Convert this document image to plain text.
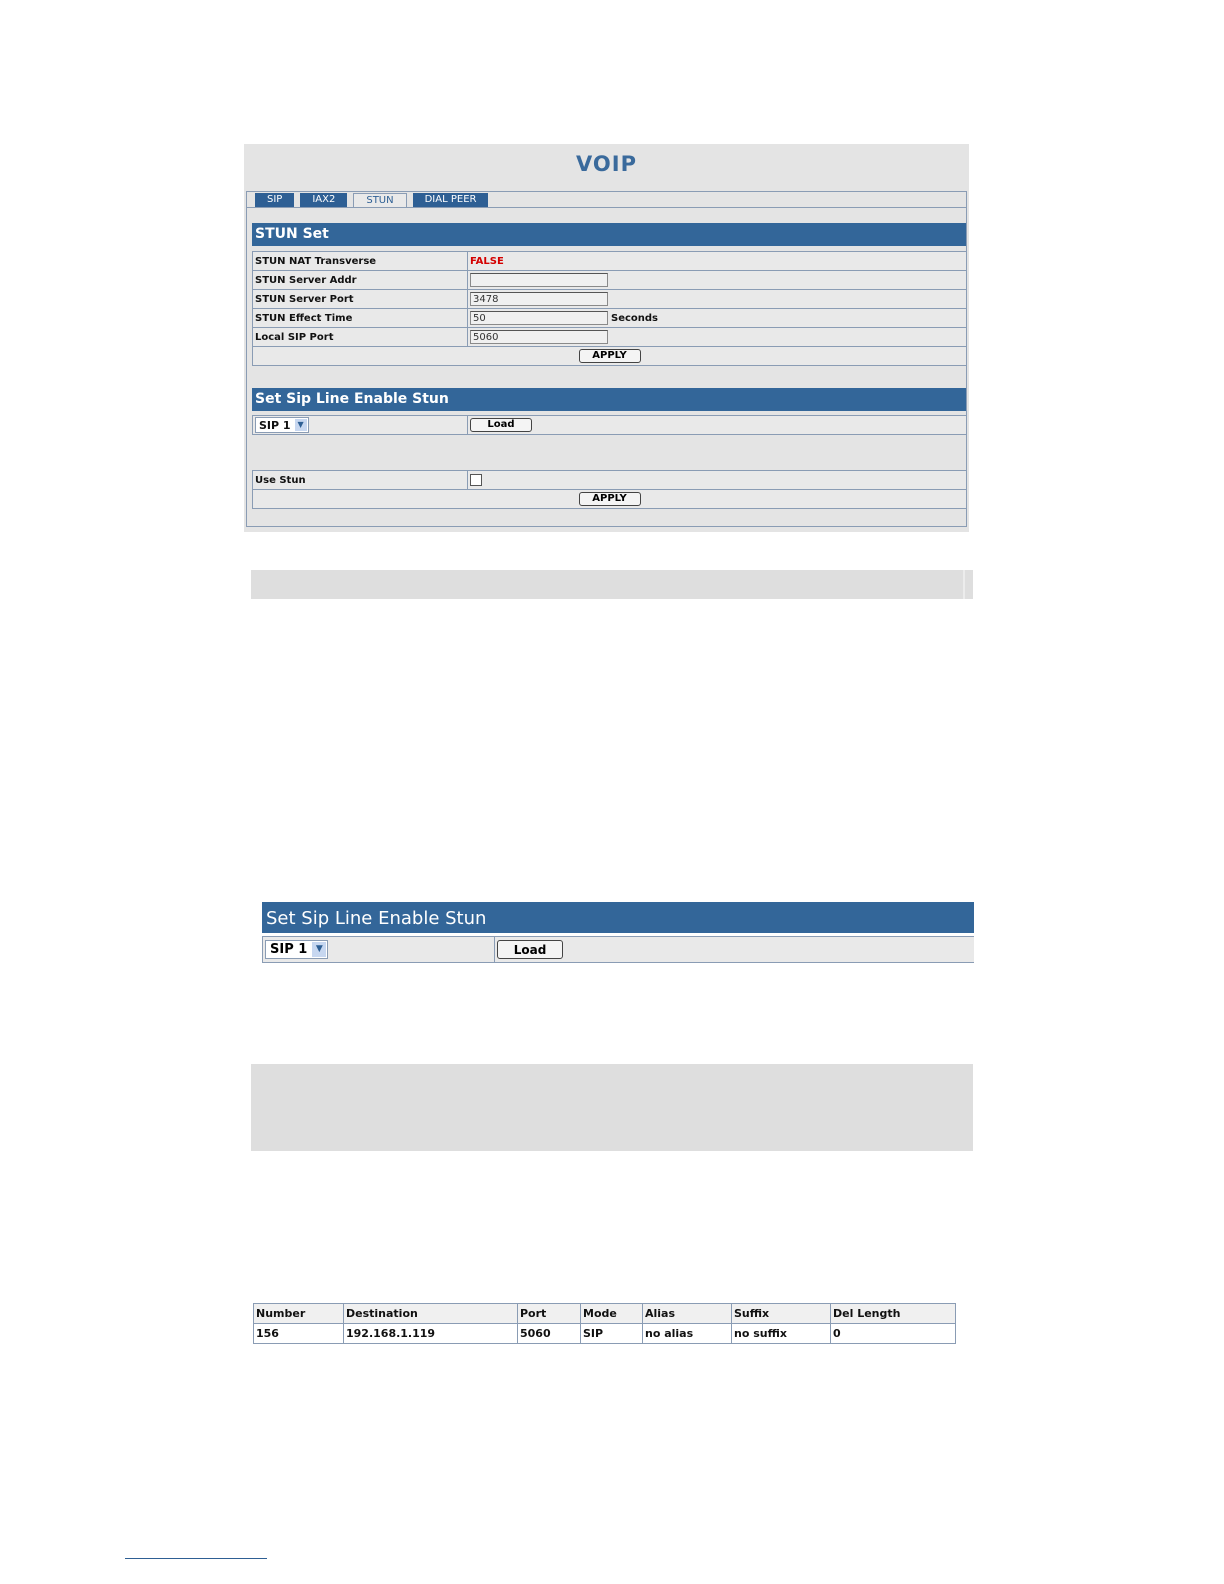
VOIP
SIP	IAX2	STUN	DIAL PEER
STUN Set
STUN NAT Transverse	FALSE
STUN Server Addr	
STUN Server Port	3478
STUN Effect Time	50Seconds
Local SIP Port	5060
APPLY	
Set Sip Line Enable Stun
SIP 1 ▼	Load
Use Stun	
APPLY
Set Sip Line Enable Stun
SIP 1 ▼	Load
Number	Destination	Port	Mode	Alias	Suffix	Del Length
156	192.168.1.119	5060	SIP	no alias	no suffix	0
